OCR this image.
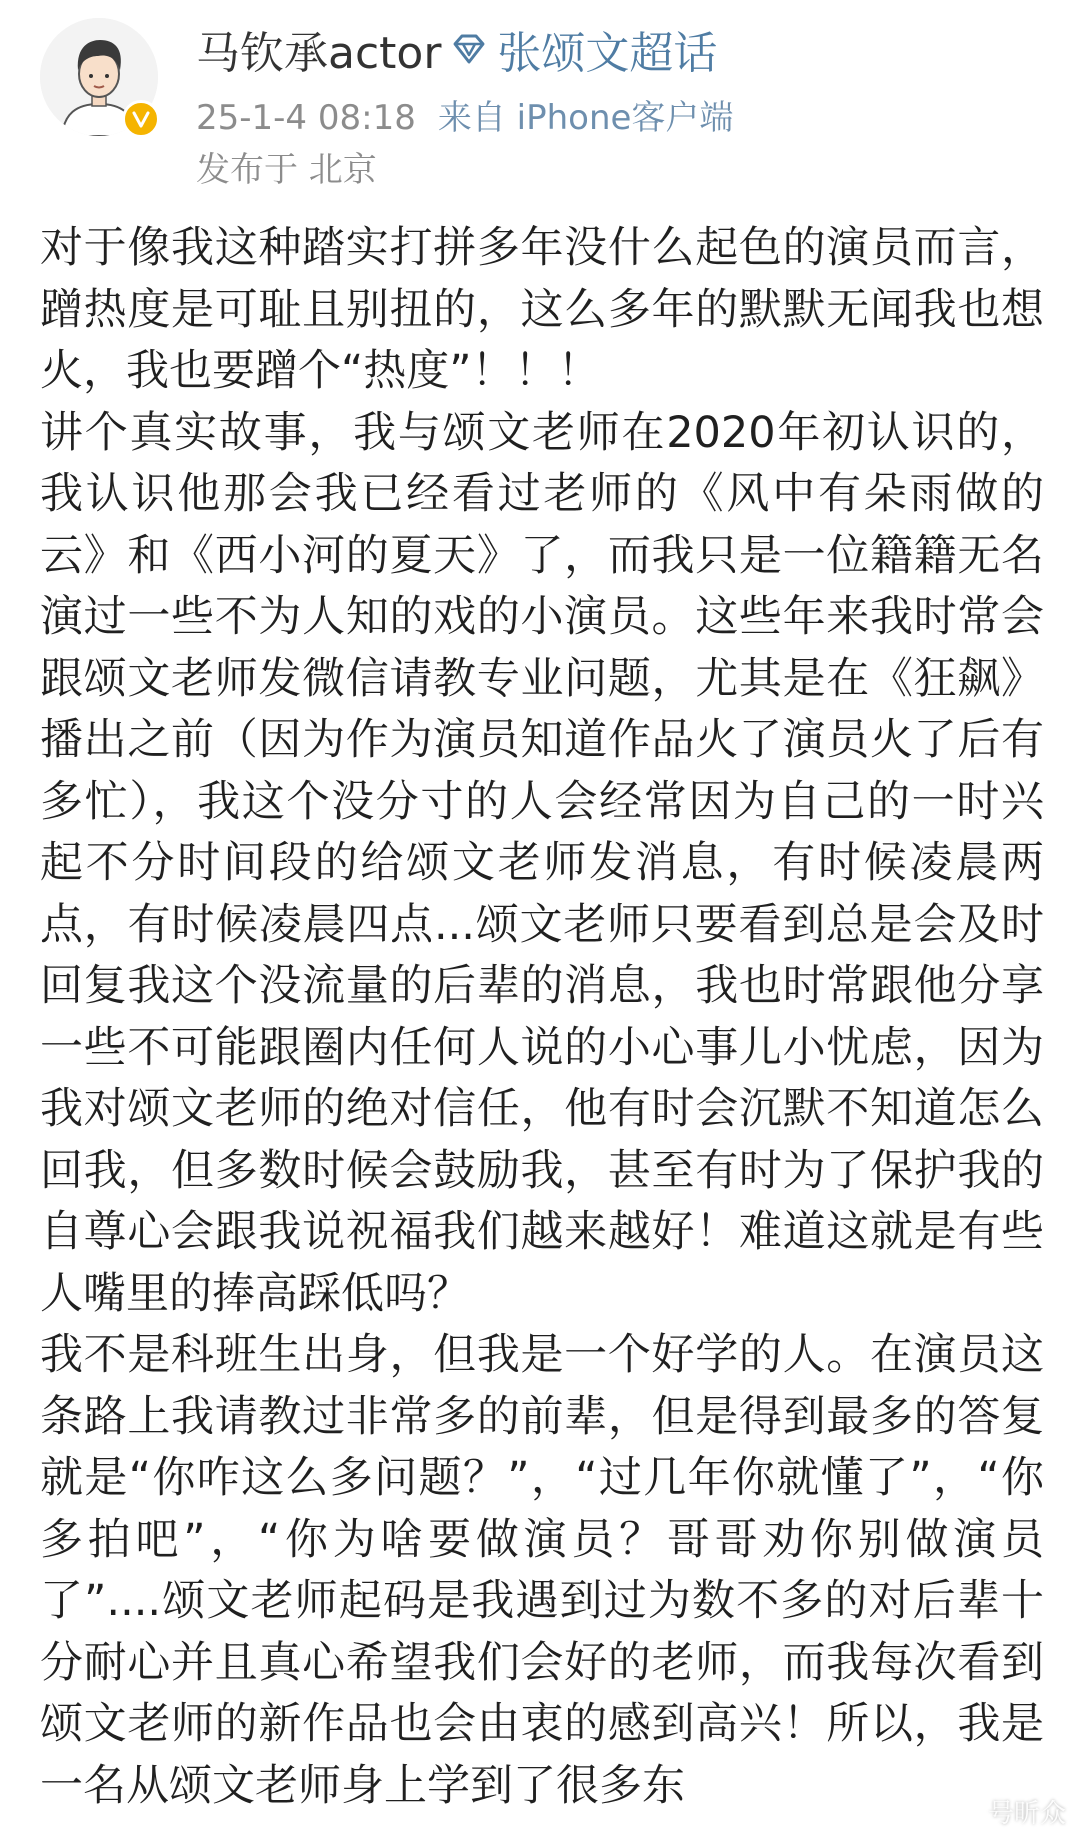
马钦承actor 张颂文超话
25-1-4 08:18 来自 iPhone客户端
发布于 北京

对于像我这种踏实打拼多年没什么起色的演员而言，蹭热度是可耻且别扭的，这么多年的默默无闻我也想火，我也要蹭个“热度”！！！

讲个真实故事，我与颂文老师在2020年初认识的，我认识他那会我已经看过老师的《风中有朵雨做的云》和《西小河的夏天》了，而我只是一位籍籍无名演过一些不为人知的戏的小演员。这些年来我时常会跟颂文老师发微信请教专业问题，尤其是在《狂飙》播出之前（因为作为演员知道作品火了演员火了后有多忙），我这个没分寸的人会经常因为自己的一时兴起不分时间段的给颂文老师发消息，有时候凌晨两点，有时候凌晨四点...颂文老师只要看到总是会及时回复我这个没流量的后辈的消息，我也时常跟他分享一些不可能跟圈内任何人说的小心事儿小忧虑，因为我对颂文老师的绝对信任，他有时会沉默不知道怎么回我，但多数时候会鼓励我，甚至有时为了保护我的自尊心会跟我说祝福我们越来越好！难道这就是有些人嘴里的捧高踩低吗？

我不是科班生出身，但我是一个好学的人。在演员这条路上我请教过非常多的前辈，但是得到最多的答复就是“你咋这么多问题？”，“过几年你就懂了”，“你多拍吧”，“你为啥要做演员？哥哥劝你别做演员了”....颂文老师起码是我遇到过为数不多的对后辈十分耐心并且真心希望我们会好的老师，而我每次看到颂文老师的新作品也会由衷的感到高兴！所以，我是一名从颂文老师身上学到了很多东

号昕众
